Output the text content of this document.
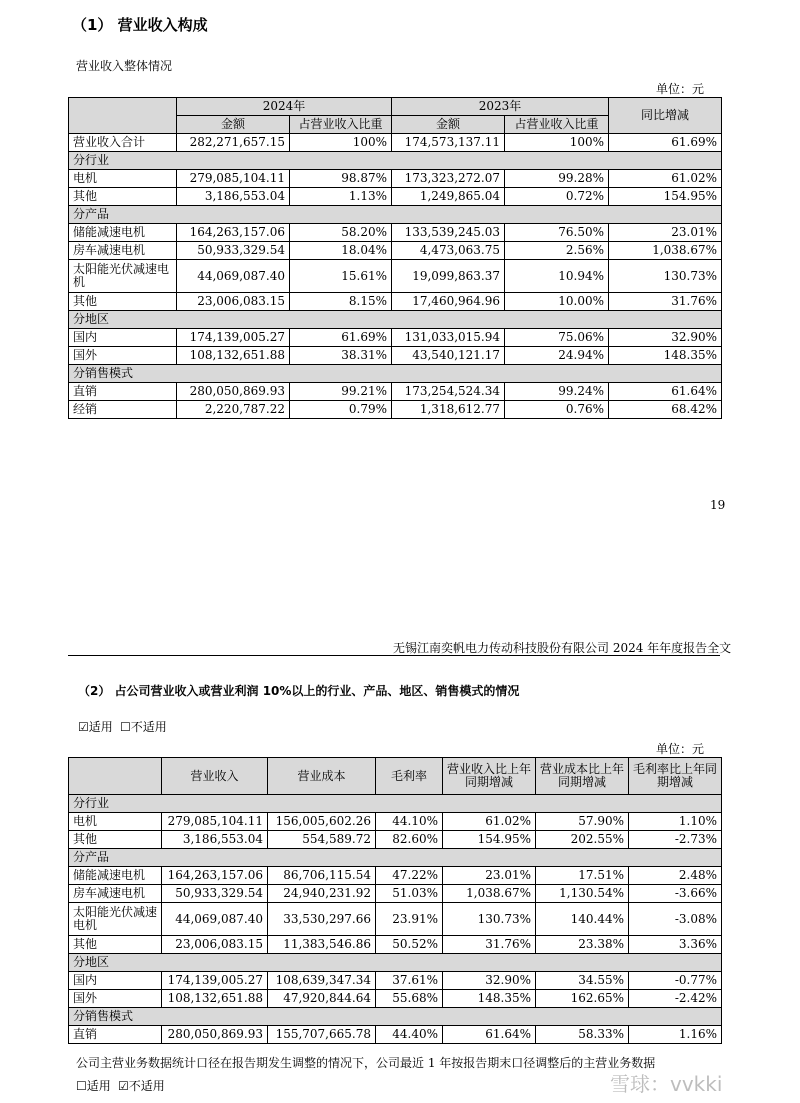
（1） 营业收入构成
营业收入整体情况
单位：元
	2024年		2023年		同比增减
	金额	占营业收入比重	金额	占营业收入比重	
营业收入合计	282,271,657.15	100%	174,573,137.11	100%	61.69%
分行业					
电机	279,085,104.11	98.87%	173,323,272.07	99.28%	61.02%
其他	3,186,553.04	1.13%	1,249,865.04	0.72%	154.95%
分产品					
储能减速电机	164,263,157.06	58.20%	133,539,245.03	76.50%	23.01%
房车减速电机	50,933,329.54	18.04%	4,473,063.75	2.56%	1,038.67%
太阳能光伏减速电机	44,069,087.40	15.61%	19,099,863.37	10.94%	130.73%
其他	23,006,083.15	8.15%	17,460,964.96	10.00%	31.76%
分地区					
国内	174,139,005.27	61.69%	131,033,015.94	75.06%	32.90%
国外	108,132,651.88	38.31%	43,540,121.17	24.94%	148.35%
分销售模式					
直销	280,050,869.93	99.21%	173,254,524.34	99.24%	61.64%
经销	2,220,787.22	0.79%	1,318,612.77	0.76%	68.42%
19
无锡江南奕帆电力传动科技股份有限公司 2024 年年度报告全文
（2） 占公司营业收入或营业利润 10%以上的行业、产品、地区、销售模式的情况
☑适用 ☐不适用
单位：元
	营业收入	营业成本	毛利率	营业收入比上年同期增减	营业成本比上年同期增减	毛利率比上年同期增减
分行业						
电机	279,085,104.11	156,005,602.26	44.10%	61.02%	57.90%	1.10%
其他	3,186,553.04	554,589.72	82.60%	154.95%	202.55%	-2.73%
分产品						
储能减速电机	164,263,157.06	86,706,115.54	47.22%	23.01%	17.51%	2.48%
房车减速电机	50,933,329.54	24,940,231.92	51.03%	1,038.67%	1,130.54%	-3.66%
太阳能光伏减速电机	44,069,087.40	33,530,297.66	23.91%	130.73%	140.44%	-3.08%
其他	23,006,083.15	11,383,546.86	50.52%	31.76%	23.38%	3.36%
分地区						
国内	174,139,005.27	108,639,347.34	37.61%	32.90%	34.55%	-0.77%
国外	108,132,651.88	47,920,844.64	55.68%	148.35%	162.65%	-2.42%
分销售模式						
直销	280,050,869.93	155,707,665.78	44.40%	61.64%	58.33%	1.16%
公司主营业务数据统计口径在报告期发生调整的情况下，公司最近 1 年按报告期末口径调整后的主营业务数据
☐适用 ☑不适用	雪球：vvkki
